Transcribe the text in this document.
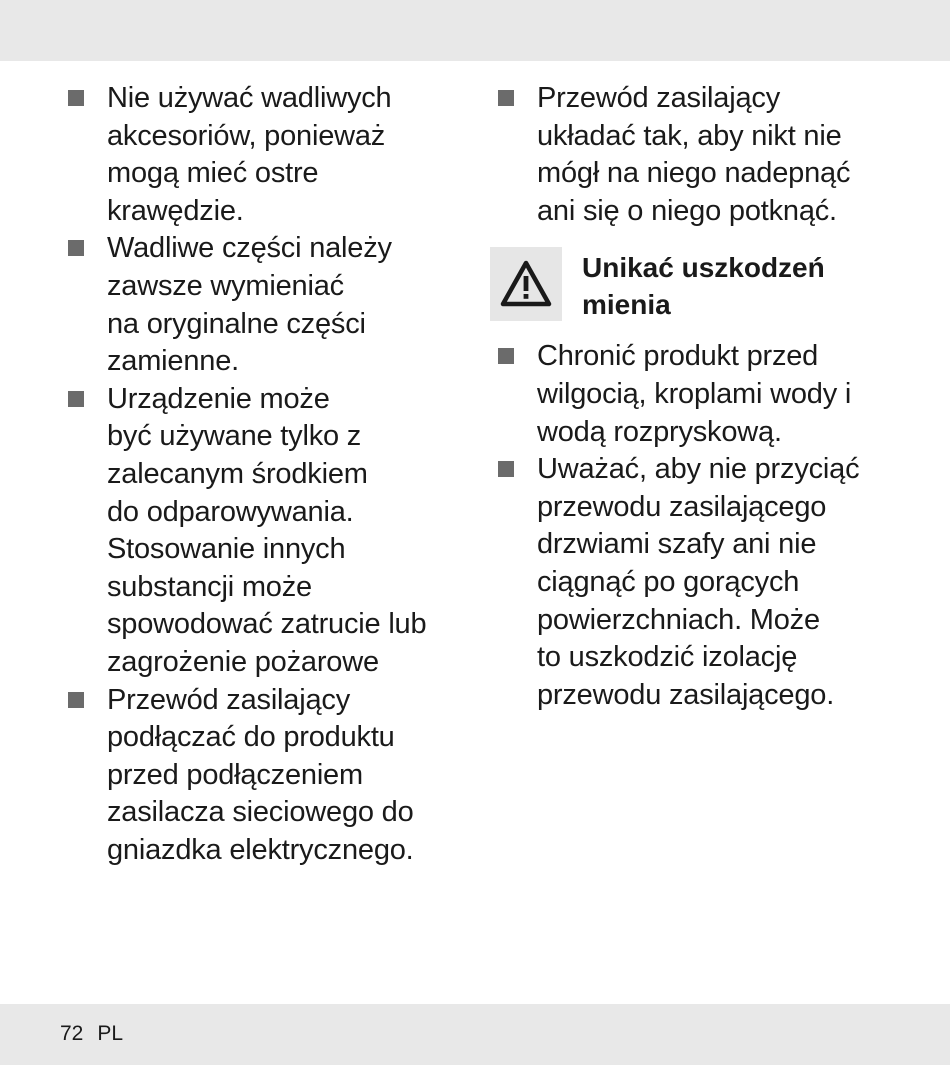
Nie używać wadliwych
akcesoriów, ponieważ
mogą mieć ostre
krawędzie.
Wadliwe części należy
zawsze wymieniać
na oryginalne części
zamienne.
Urządzenie może
być używane tylko z
zalecanym środkiem
do odparowywania.
Stosowanie innych
substancji może
spowodować zatrucie lub
zagrożenie pożarowe
Przewód zasilający
podłączać do produktu
przed podłączeniem
zasilacza sieciowego do
gniazdka elektrycznego.
Przewód zasilający
układać tak, aby nikt nie
mógł na niego nadepnąć
ani się o niego potknąć.
Unikać uszkodzeń
mienia
Chronić produkt przed
wilgocią, kroplami wody i
wodą rozpryskową.
Uważać, aby nie przyciąć
przewodu zasilającego
drzwiami szafy ani nie
ciągnąć po gorących
powierzchniach. Może
to uszkodzić izolację
przewodu zasilającego.
72 PL
